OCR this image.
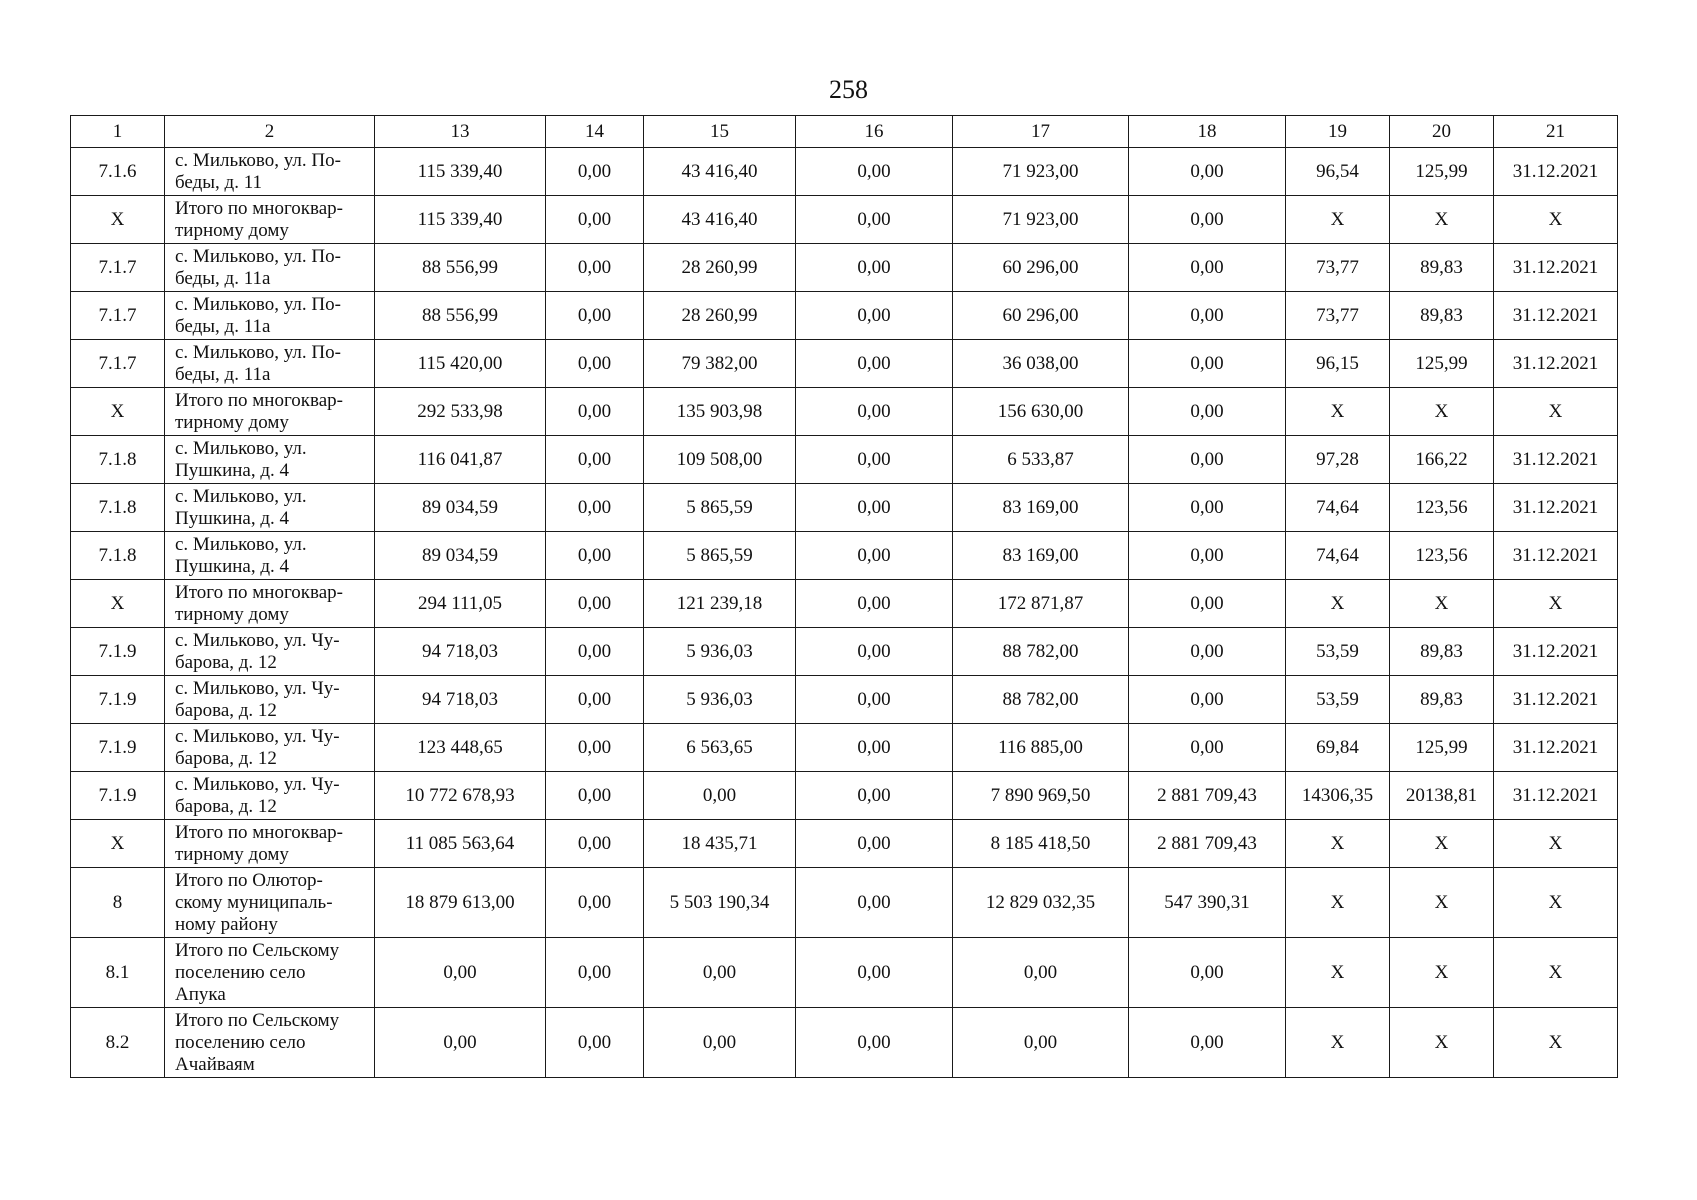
258
1	2	13	14	15	16	17	18	19	20	21
7.1.6	с. Мильково, ул. По-
беды, д. 11	115 339,40	0,00	43 416,40	0,00	71 923,00	0,00	96,54	125,99	31.12.2021
Х	Итого по многоквар-
тирному дому	115 339,40	0,00	43 416,40	0,00	71 923,00	0,00	Х	Х	Х
7.1.7	с. Мильково, ул. По-
беды, д. 11а	88 556,99	0,00	28 260,99	0,00	60 296,00	0,00	73,77	89,83	31.12.2021
7.1.7	с. Мильково, ул. По-
беды, д. 11а	88 556,99	0,00	28 260,99	0,00	60 296,00	0,00	73,77	89,83	31.12.2021
7.1.7	с. Мильково, ул. По-
беды, д. 11а	115 420,00	0,00	79 382,00	0,00	36 038,00	0,00	96,15	125,99	31.12.2021
Х	Итого по многоквар-
тирному дому	292 533,98	0,00	135 903,98	0,00	156 630,00	0,00	Х	Х	Х
7.1.8	с. Мильково, ул.
Пушкина, д. 4	116 041,87	0,00	109 508,00	0,00	6 533,87	0,00	97,28	166,22	31.12.2021
7.1.8	с. Мильково, ул.
Пушкина, д. 4	89 034,59	0,00	5 865,59	0,00	83 169,00	0,00	74,64	123,56	31.12.2021
7.1.8	с. Мильково, ул.
Пушкина, д. 4	89 034,59	0,00	5 865,59	0,00	83 169,00	0,00	74,64	123,56	31.12.2021
Х	Итого по многоквар-
тирному дому	294 111,05	0,00	121 239,18	0,00	172 871,87	0,00	Х	Х	Х
7.1.9	с. Мильково, ул. Чу-
барова, д. 12	94 718,03	0,00	5 936,03	0,00	88 782,00	0,00	53,59	89,83	31.12.2021
7.1.9	с. Мильково, ул. Чу-
барова, д. 12	94 718,03	0,00	5 936,03	0,00	88 782,00	0,00	53,59	89,83	31.12.2021
7.1.9	с. Мильково, ул. Чу-
барова, д. 12	123 448,65	0,00	6 563,65	0,00	116 885,00	0,00	69,84	125,99	31.12.2021
7.1.9	с. Мильково, ул. Чу-
барова, д. 12	10 772 678,93	0,00	0,00	0,00	7 890 969,50	2 881 709,43	14306,35	20138,81	31.12.2021
Х	Итого по многоквар-
тирному дому	11 085 563,64	0,00	18 435,71	0,00	8 185 418,50	2 881 709,43	Х	Х	Х
8	Итого по Олютор-
скому муниципаль-
ному району	18 879 613,00	0,00	5 503 190,34	0,00	12 829 032,35	547 390,31	Х	Х	Х
8.1	Итого по Сельскому
поселению село
Апука	0,00	0,00	0,00	0,00	0,00	0,00	Х	Х	Х
8.2	Итого по Сельскому
поселению село
Ачайваям	0,00	0,00	0,00	0,00	0,00	0,00	Х	Х	Х
